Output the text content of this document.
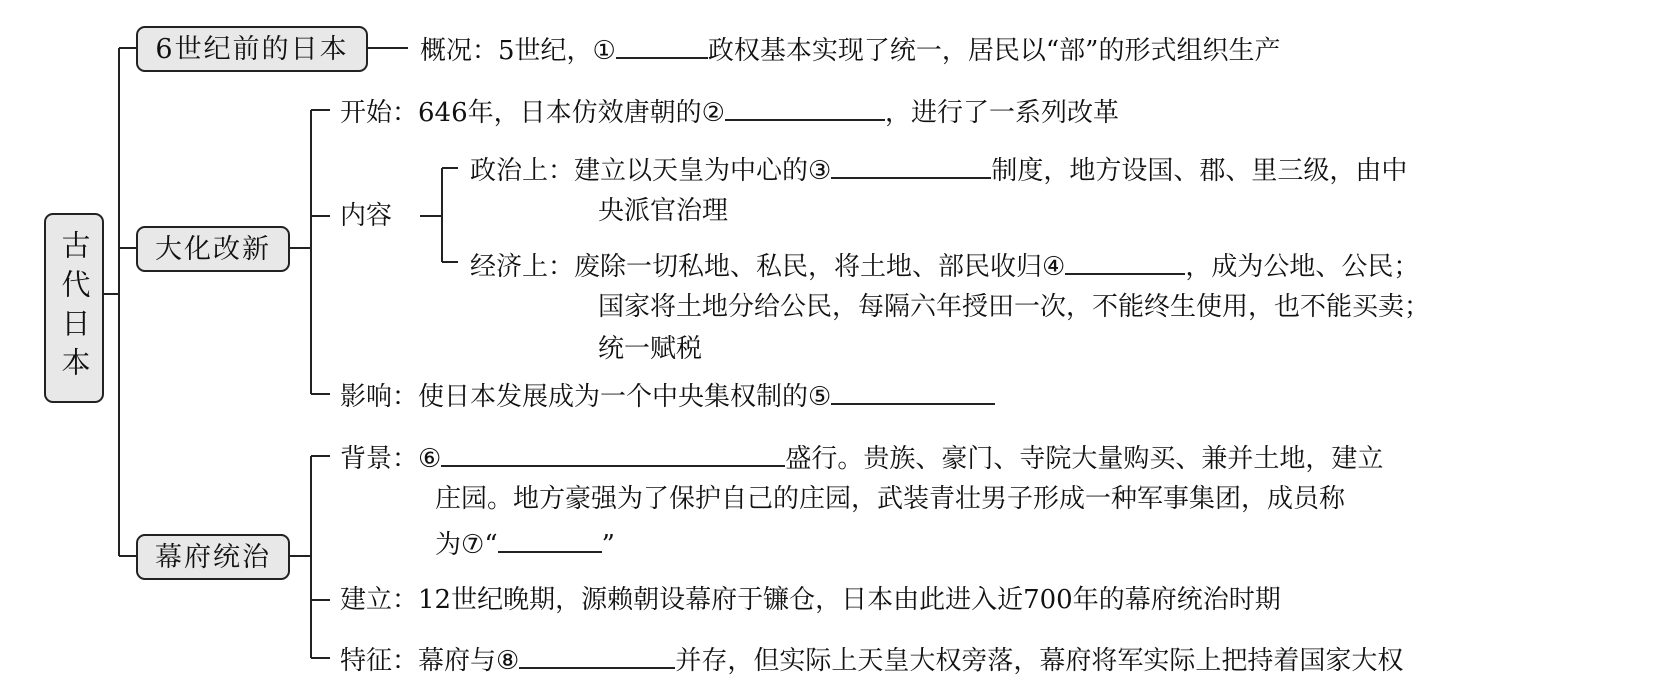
古代日本
6世纪前的日本
大化改新
幕府统治
概况：5世纪，①	政权基本实现了统一，居民以“部”的形式组织生产
开始：646年，日本仿效唐朝的②	，进行了一系列改革
内容
政治上：建立以天皇为中心的③	制度，地方设国、郡、里三级，由中
央派官治理
经济上：废除一切私地、私民，将土地、部民收归④	，成为公地、公民；
国家将土地分给公民，每隔六年授田一次，不能终生使用，也不能买卖；
统一赋税
影响：使日本发展成为一个中央集权制的⑤
背景：⑥	盛行。贵族、豪门、寺院大量购买、兼并土地，建立
庄园。地方豪强为了保护自己的庄园，武装青壮男子形成一种军事集团，成员称
为⑦“	”
建立：12世纪晚期，源赖朝设幕府于镰仓，日本由此进入近700年的幕府统治时期
特征：幕府与⑧	并存，但实际上天皇大权旁落，幕府将军实际上把持着国家大权
